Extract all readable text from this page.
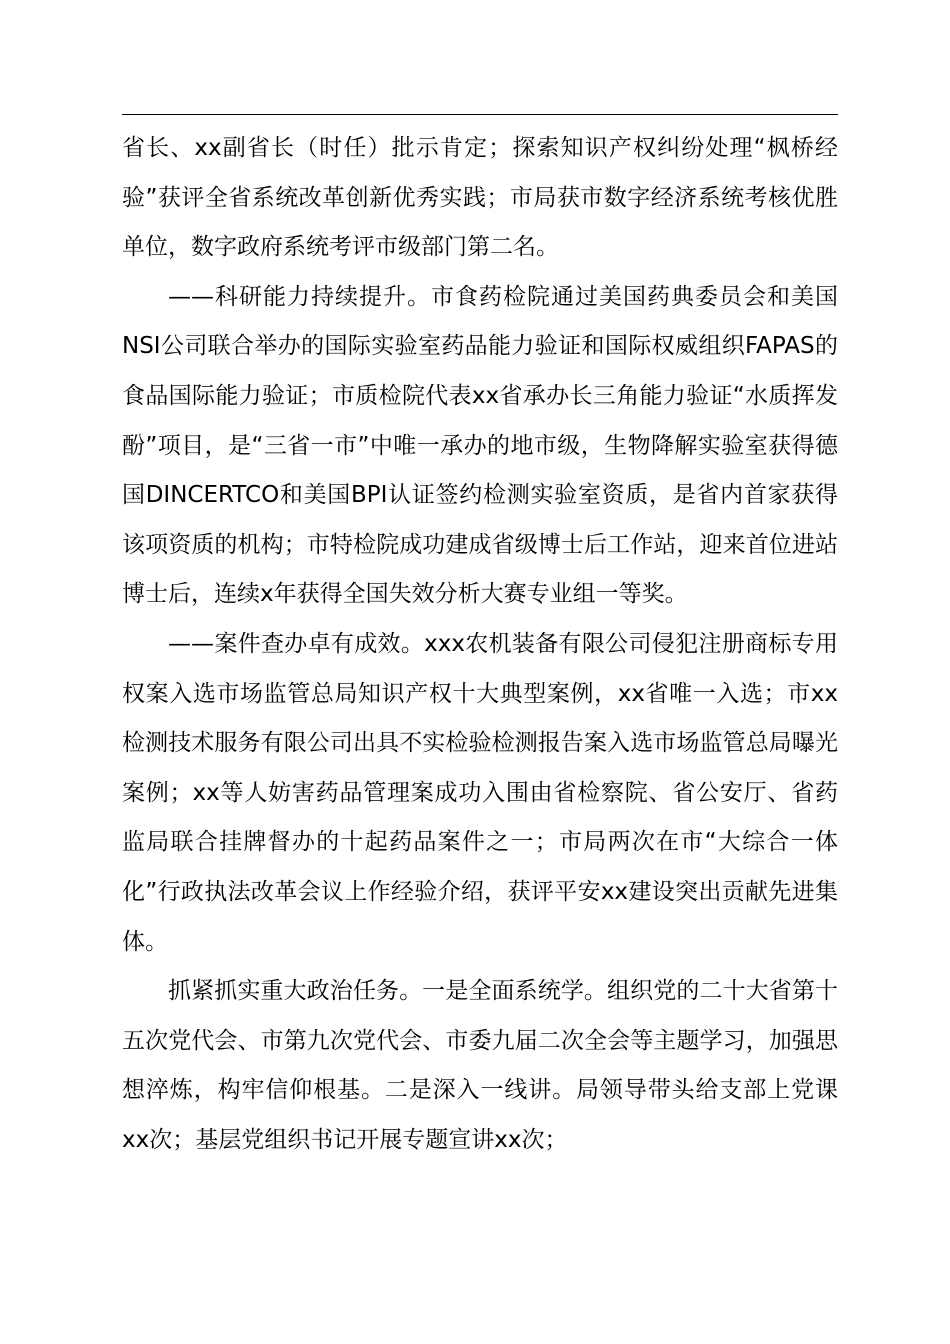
省长、xx副省长（时任）批示肯定；探索知识产权纠纷处理“枫桥经验”获评全省系统改革创新优秀实践；市局获市数字经济系统考核优胜单位，数字政府系统考评市级部门第二名。

——科研能力持续提升。市食药检院通过美国药典委员会和美国NSI公司联合举办的国际实验室药品能力验证和国际权威组织FAPAS的食品国际能力验证；市质检院代表xx省承办长三角能力验证“水质挥发酚”项目，是“三省一市”中唯一承办的地市级，生物降解实验室获得德国DINCERTCO和美国BPI认证签约检测实验室资质，是省内首家获得该项资质的机构；市特检院成功建成省级博士后工作站，迎来首位进站博士后，连续x年获得全国失效分析大赛专业组一等奖。

——案件查办卓有成效。xxx农机装备有限公司侵犯注册商标专用权案入选市场监管总局知识产权十大典型案例，xx省唯一入选；市xx检测技术服务有限公司出具不实检验检测报告案入选市场监管总局曝光案例；xx等人妨害药品管理案成功入围由省检察院、省公安厅、省药监局联合挂牌督办的十起药品案件之一；市局两次在市“大综合一体化”行政执法改革会议上作经验介绍，获评平安xx建设突出贡献先进集体。

抓紧抓实重大政治任务。一是全面系统学。组织党的二十大省第十五次党代会、市第九次党代会、市委九届二次全会等主题学习，加强思想淬炼，构牢信仰根基。二是深入一线讲。局领导带头给支部上党课xx次；基层党组织书记开展专题宣讲xx次；
